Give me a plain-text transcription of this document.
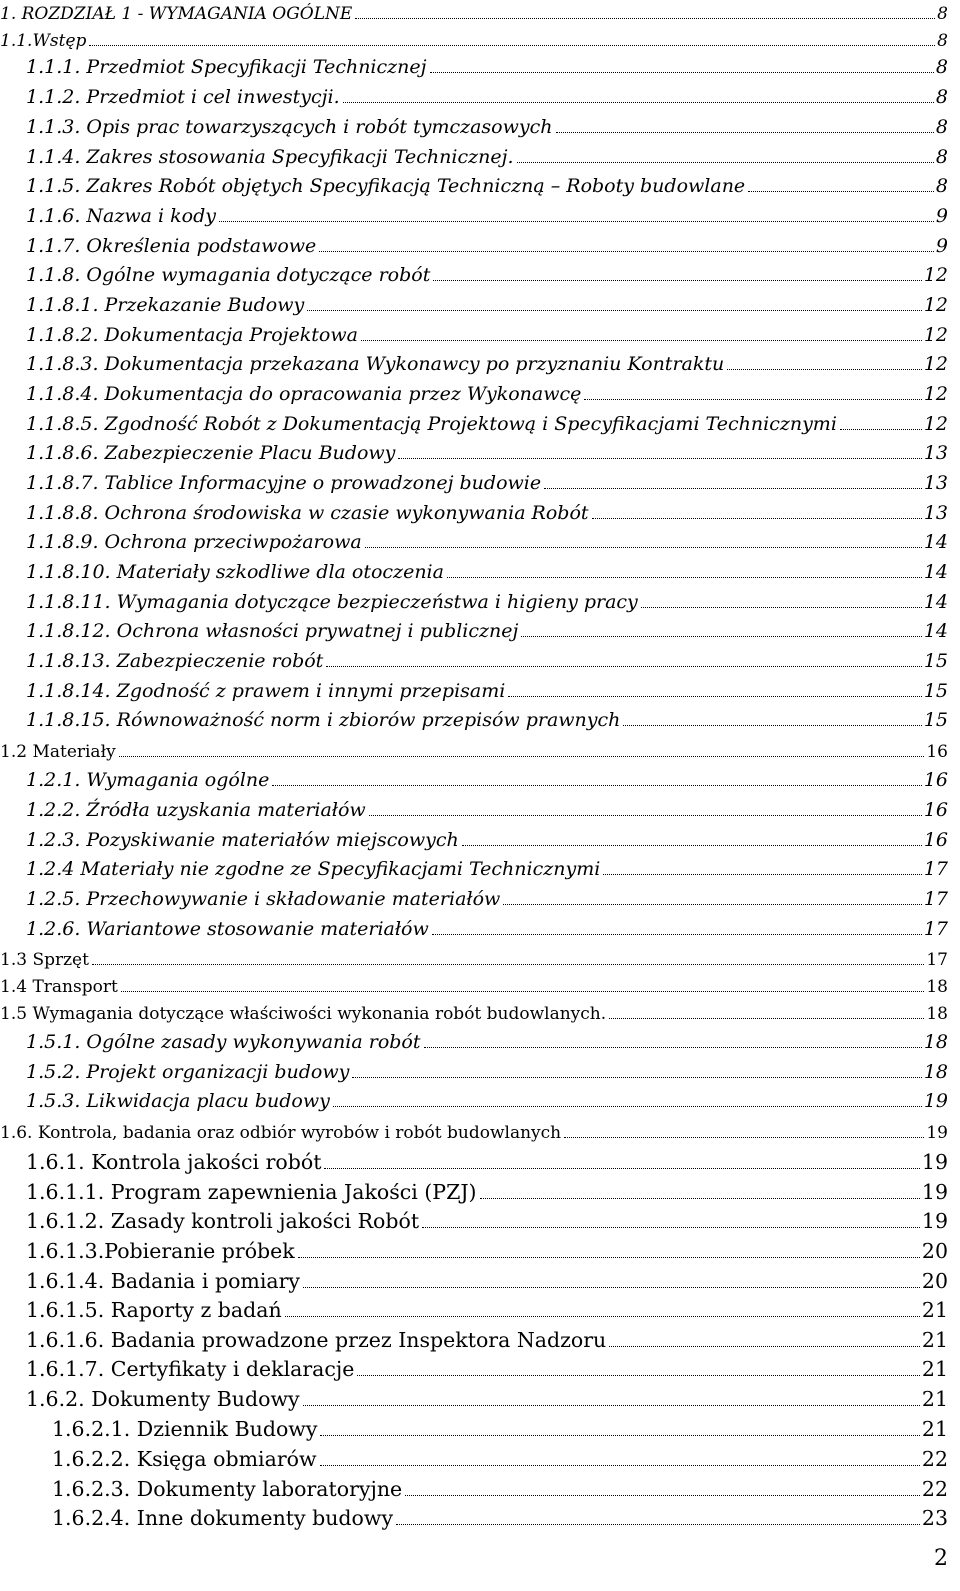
1. ROZDZIAŁ 1 - WYMAGANIA OGÓLNE	8
1.1.Wstęp	8
1.1.1. Przedmiot Specyfikacji Technicznej	8
1.1.2. Przedmiot i cel inwestycji.	8
1.1.3. Opis prac towarzyszących i robót tymczasowych	8
1.1.4. Zakres stosowania Specyfikacji Technicznej.	8
1.1.5. Zakres Robót objętych Specyfikacją Techniczną – Roboty budowlane	8
1.1.6. Nazwa i kody	9
1.1.7. Określenia podstawowe	9
1.1.8. Ogólne wymagania dotyczące robót	12
1.1.8.1. Przekazanie Budowy	12
1.1.8.2. Dokumentacja Projektowa	12
1.1.8.3. Dokumentacja przekazana Wykonawcy po przyznaniu Kontraktu	12
1.1.8.4. Dokumentacja do opracowania przez Wykonawcę	12
1.1.8.5. Zgodność Robót z Dokumentacją Projektową i Specyfikacjami Technicznymi	12
1.1.8.6. Zabezpieczenie Placu Budowy	13
1.1.8.7. Tablice Informacyjne o prowadzonej budowie	13
1.1.8.8. Ochrona środowiska w czasie wykonywania Robót	13
1.1.8.9. Ochrona przeciwpożarowa	14
1.1.8.10. Materiały szkodliwe dla otoczenia	14
1.1.8.11. Wymagania dotyczące bezpieczeństwa i higieny pracy	14
1.1.8.12. Ochrona własności prywatnej i publicznej	14
1.1.8.13. Zabezpieczenie robót	15
1.1.8.14. Zgodność z prawem i innymi przepisami	15
1.1.8.15. Równoważność norm i zbiorów przepisów prawnych	15
1.2 Materiały	16
1.2.1. Wymagania ogólne	16
1.2.2. Źródła uzyskania materiałów	16
1.2.3. Pozyskiwanie materiałów miejscowych	16
1.2.4 Materiały nie zgodne ze Specyfikacjami Technicznymi	17
1.2.5. Przechowywanie i składowanie materiałów	17
1.2.6. Wariantowe stosowanie materiałów	17
1.3 Sprzęt	17
1.4 Transport	18
1.5 Wymagania dotyczące właściwości wykonania robót budowlanych.	18
1.5.1. Ogólne zasady wykonywania robót	18
1.5.2. Projekt organizacji budowy	18
1.5.3. Likwidacja placu budowy	19
1.6. Kontrola, badania oraz odbiór wyrobów i robót budowlanych	19
1.6.1. Kontrola jakości robót	19
1.6.1.1. Program zapewnienia Jakości (PZJ)	19
1.6.1.2. Zasady kontroli jakości Robót	19
1.6.1.3.Pobieranie próbek	20
1.6.1.4. Badania i pomiary	20
1.6.1.5. Raporty z badań	21
1.6.1.6. Badania prowadzone przez Inspektora Nadzoru	21
1.6.1.7. Certyfikaty i deklaracje	21
1.6.2. Dokumenty Budowy	21
1.6.2.1. Dziennik Budowy	21
1.6.2.2. Księga obmiarów	22
1.6.2.3. Dokumenty laboratoryjne	22
1.6.2.4. Inne dokumenty budowy	23
2
